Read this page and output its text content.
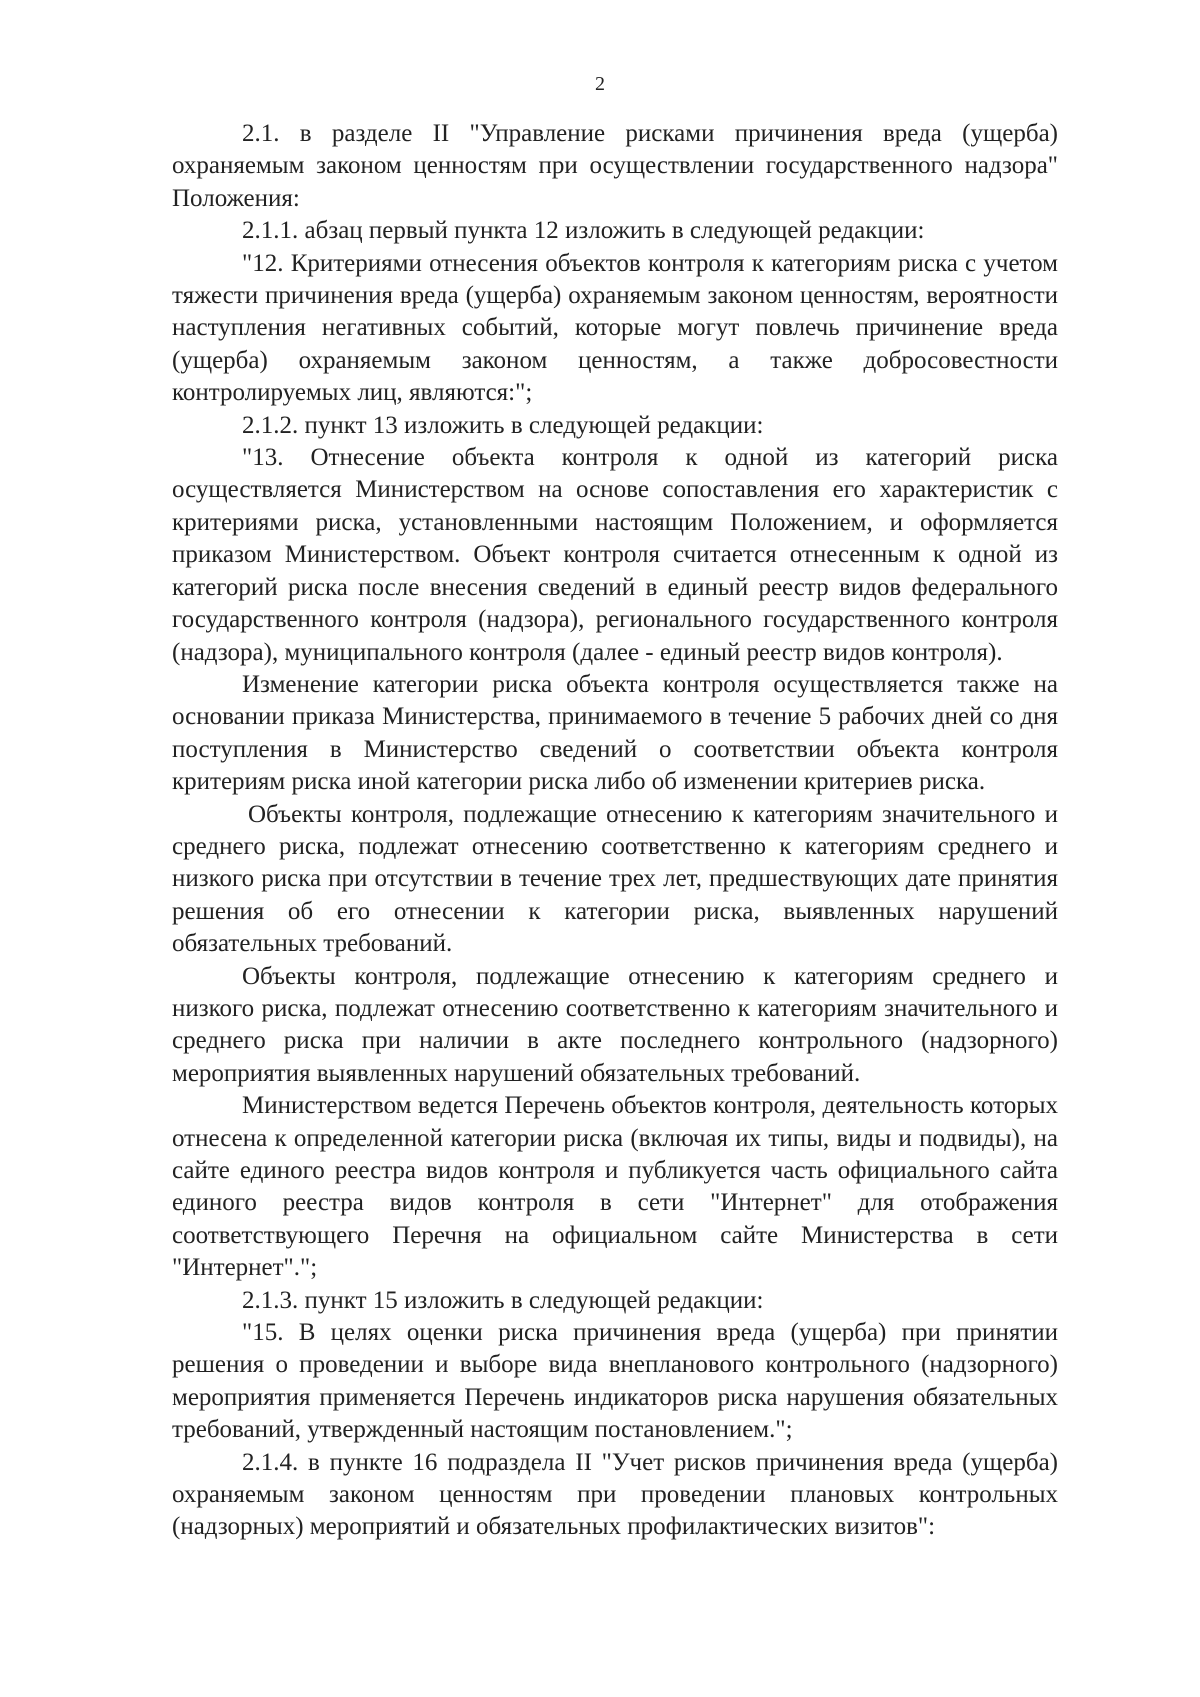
2

2.1. в разделе II "Управление рисками причинения вреда (ущерба) охраняемым законом ценностям при осуществлении государственного надзора" Положения:

2.1.1. абзац первый пункта 12 изложить в следующей редакции:

"12. Критериями отнесения объектов контроля к категориям риска с учетом тяжести причинения вреда (ущерба) охраняемым законом ценностям, вероятности наступления негативных событий, которые могут повлечь причинение вреда (ущерба) охраняемым законом ценностям, а также добросовестности контролируемых лиц, являются:";

2.1.2. пункт 13 изложить в следующей редакции:

"13. Отнесение объекта контроля к одной из категорий риска осуществляется Министерством на основе сопоставления его характеристик с критериями риска, установленными настоящим Положением, и оформляется приказом Министерством. Объект контроля считается отнесенным к одной из категорий риска после внесения сведений в единый реестр видов федерального государственного контроля (надзора), регионального государственного контроля (надзора), муниципального контроля (далее - единый реестр видов контроля).

Изменение категории риска объекта контроля осуществляется также на основании приказа Министерства, принимаемого в течение 5 рабочих дней со дня поступления в Министерство сведений о соответствии объекта контроля критериям риска иной категории риска либо об изменении критериев риска.

Объекты контроля, подлежащие отнесению к категориям значительного и среднего риска, подлежат отнесению соответственно к категориям среднего и низкого риска при отсутствии в течение трех лет, предшествующих дате принятия решения об его отнесении к категории риска, выявленных нарушений обязательных требований.

Объекты контроля, подлежащие отнесению к категориям среднего и низкого риска, подлежат отнесению соответственно к категориям значительного и среднего риска при наличии в акте последнего контрольного (надзорного) мероприятия выявленных нарушений обязательных требований.

Министерством ведется Перечень объектов контроля, деятельность которых отнесена к определенной категории риска (включая их типы, виды и подвиды), на сайте единого реестра видов контроля и публикуется часть официального сайта единого реестра видов контроля в сети "Интернет" для отображения соответствующего Перечня на официальном сайте Министерства в сети "Интернет".";

2.1.3. пункт 15 изложить в следующей редакции:

"15. В целях оценки риска причинения вреда (ущерба) при принятии решения о проведении и выборе вида внепланового контрольного (надзорного) мероприятия применяется Перечень индикаторов риска нарушения обязательных требований, утвержденный настоящим постановлением.";

2.1.4. в пункте 16 подраздела II "Учет рисков причинения вреда (ущерба) охраняемым законом ценностям при проведении плановых контрольных (надзорных) мероприятий и обязательных профилактических визитов":
